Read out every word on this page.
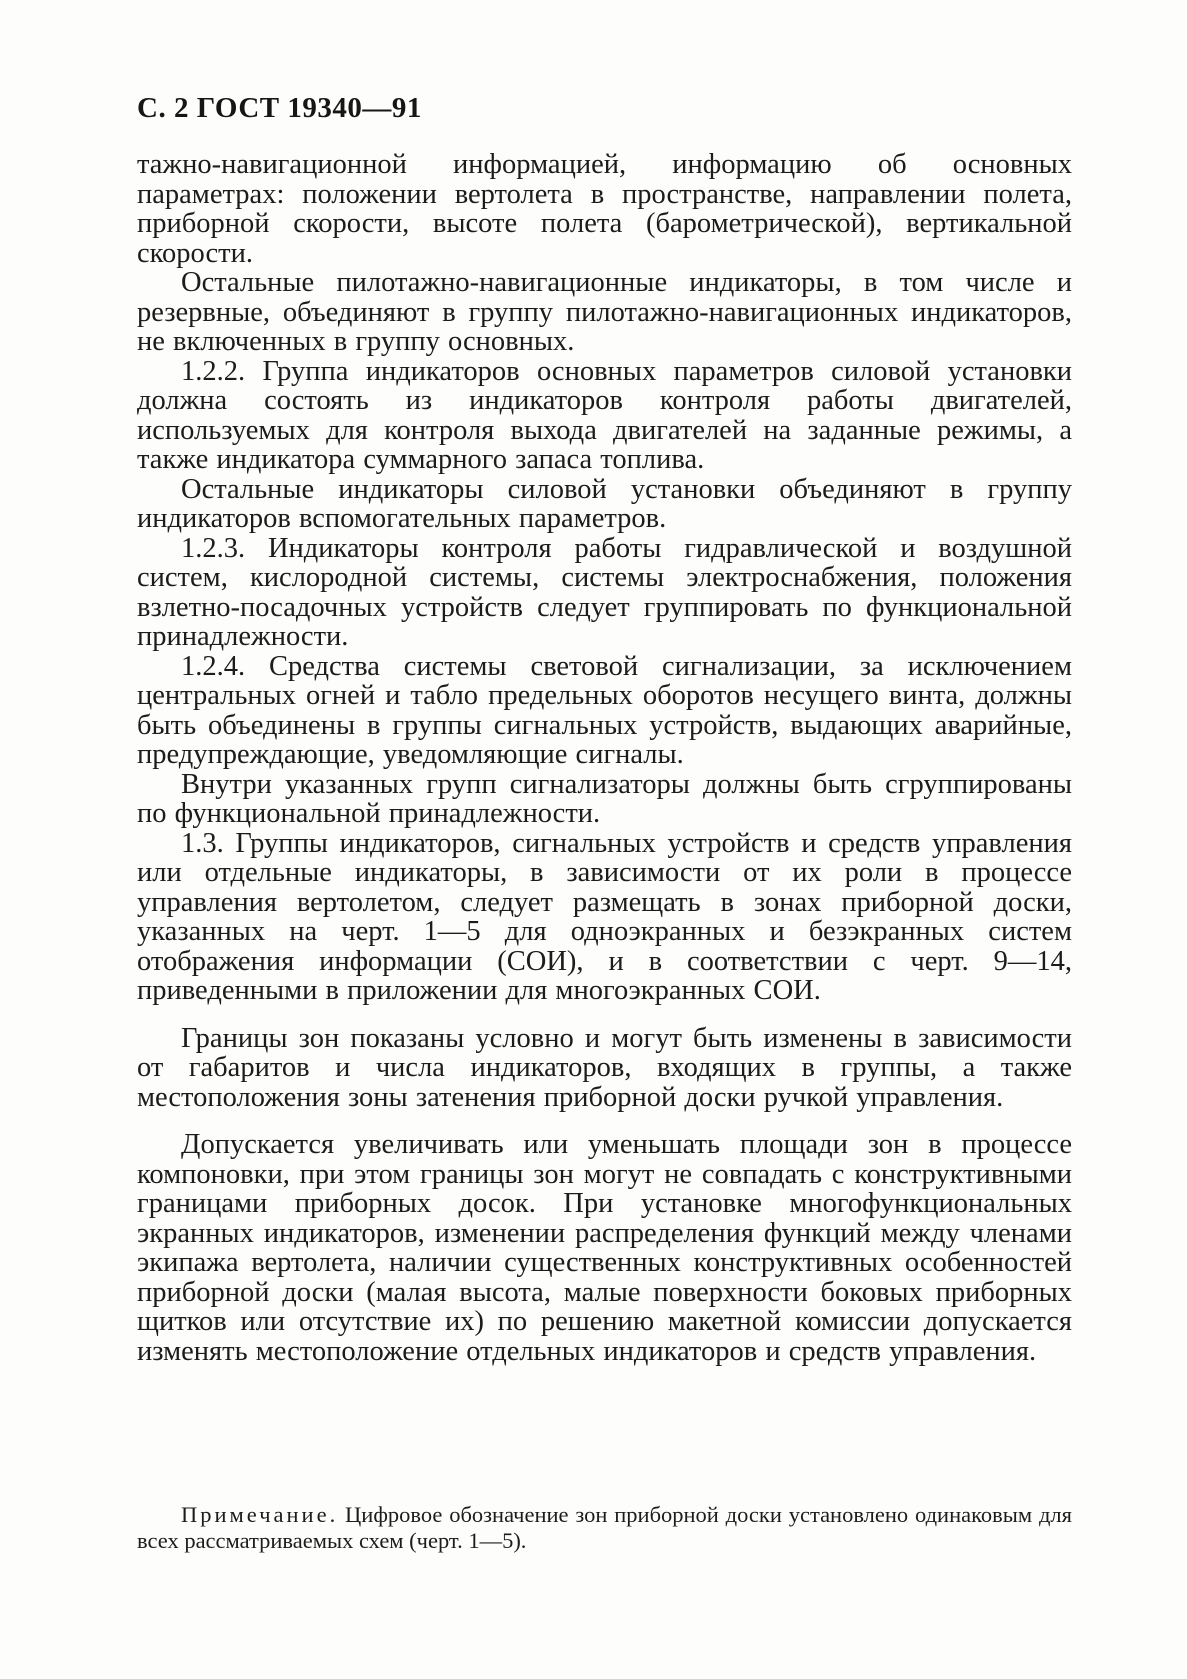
С. 2 ГОСТ 19340—91

тажно-навигационной информацией, информацию об основных параметрах: положении вертолета в пространстве, направлении полета, приборной скорости, высоте полета (барометрической), вертикальной скорости.

Остальные пилотажно-навигационные индикаторы, в том числе и резервные, объединяют в группу пилотажно-навигационных индикаторов, не включенных в группу основных.

1.2.2. Группа индикаторов основных параметров силовой установки должна состоять из индикаторов контроля работы двигателей, используемых для контроля выхода двигателей на заданные режимы, а также индикатора суммарного запаса топлива.

Остальные индикаторы силовой установки объединяют в группу индикаторов вспомогательных параметров.

1.2.3. Индикаторы контроля работы гидравлической и воздушной систем, кислородной системы, системы электроснабжения, положения взлетно-посадочных устройств следует группировать по функциональной принадлежности.

1.2.4. Средства системы световой сигнализации, за исключением центральных огней и табло предельных оборотов несущего винта, должны быть объединены в группы сигнальных устройств, выдающих аварийные, предупреждающие, уведомляющие сигналы.

Внутри указанных групп сигнализаторы должны быть сгруппированы по функциональной принадлежности.

1.3. Группы индикаторов, сигнальных устройств и средств управления или отдельные индикаторы, в зависимости от их роли в процессе управления вертолетом, следует размещать в зонах приборной доски, указанных на черт. 1—5 для одноэкранных и безэкранных систем отображения информации (СОИ), и в соответствии с черт. 9—14, приведенными в приложении для многоэкранных СОИ.

Границы зон показаны условно и могут быть изменены в зависимости от габаритов и числа индикаторов, входящих в группы, а также местоположения зоны затенения приборной доски ручкой управления.

Допускается увеличивать или уменьшать площади зон в процессе компоновки, при этом границы зон могут не совпадать с конструктивными границами приборных досок. При установке многофункциональных экранных индикаторов, изменении распределения функций между членами экипажа вертолета, наличии существенных конструктивных особенностей приборной доски (малая высота, малые поверхности боковых приборных щитков или отсутствие их) по решению макетной комиссии допускается изменять местоположение отдельных индикаторов и средств управления.

Примечание. Цифровое обозначение зон приборной доски установлено одинаковым для всех рассматриваемых схем (черт. 1—5).
